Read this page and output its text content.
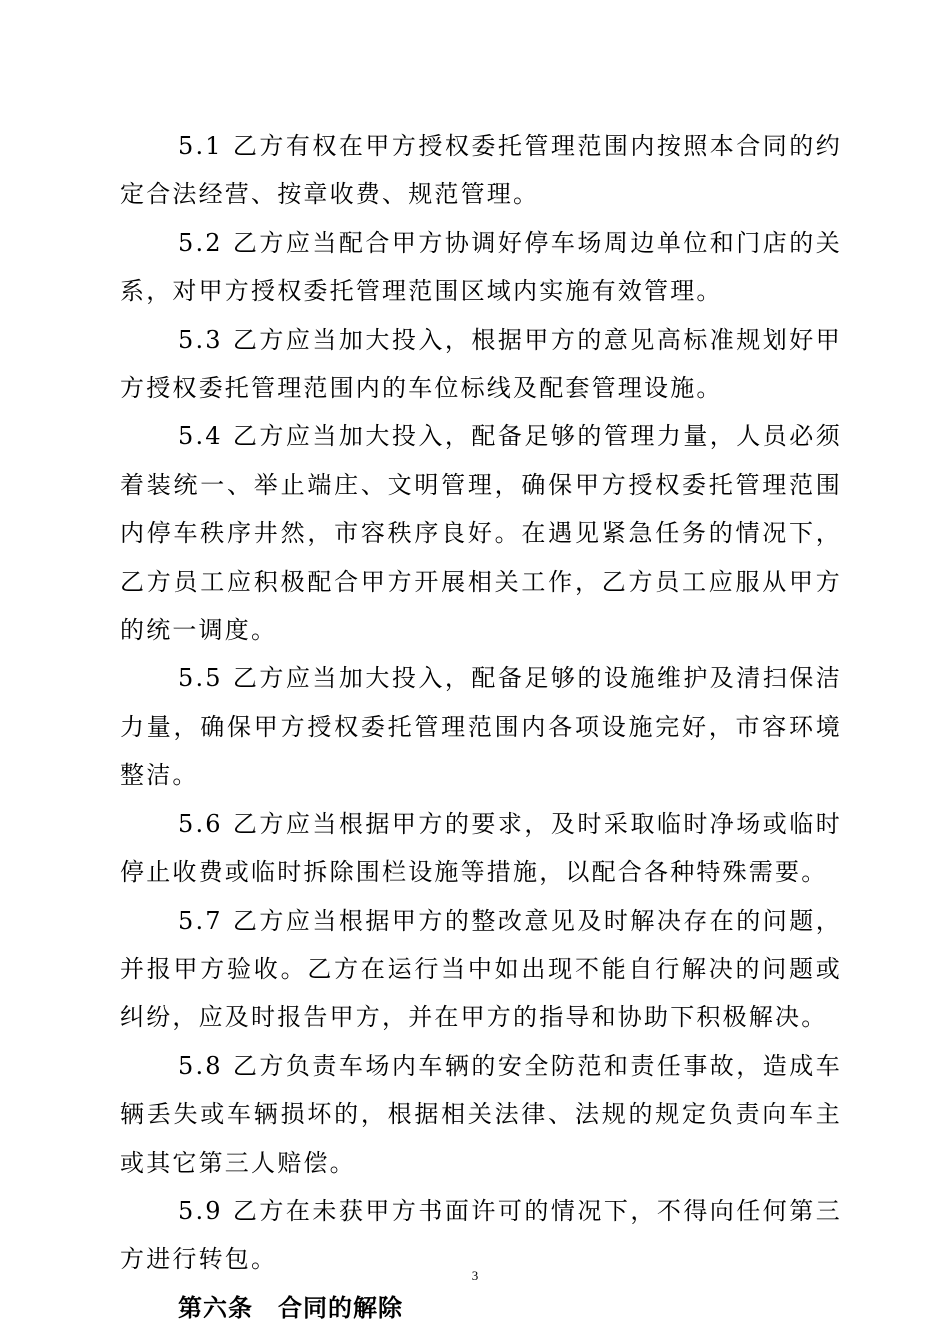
5.1 乙方有权在甲方授权委托管理范围内按照本合同的约定合法经营、按章收费、规范管理。

5.2 乙方应当配合甲方协调好停车场周边单位和门店的关系，对甲方授权委托管理范围区域内实施有效管理。

5.3 乙方应当加大投入，根据甲方的意见高标准规划好甲方授权委托管理范围内的车位标线及配套管理设施。

5.4 乙方应当加大投入，配备足够的管理力量，人员必须着装统一、举止端庄、文明管理，确保甲方授权委托管理范围内停车秩序井然，市容秩序良好。在遇见紧急任务的情况下，乙方员工应积极配合甲方开展相关工作，乙方员工应服从甲方的统一调度。

5.5 乙方应当加大投入，配备足够的设施维护及清扫保洁力量，确保甲方授权委托管理范围内各项设施完好，市容环境整洁。

5.6 乙方应当根据甲方的要求，及时采取临时净场或临时停止收费或临时拆除围栏设施等措施，以配合各种特殊需要。

5.7 乙方应当根据甲方的整改意见及时解决存在的问题，并报甲方验收。乙方在运行当中如出现不能自行解决的问题或纠纷，应及时报告甲方，并在甲方的指导和协助下积极解决。

5.8 乙方负责车场内车辆的安全防范和责任事故，造成车辆丢失或车辆损坏的，根据相关法律、法规的规定负责向车主或其它第三人赔偿。

5.9 乙方在未获甲方书面许可的情况下，不得向任何第三方进行转包。

第六条　合同的解除

3
